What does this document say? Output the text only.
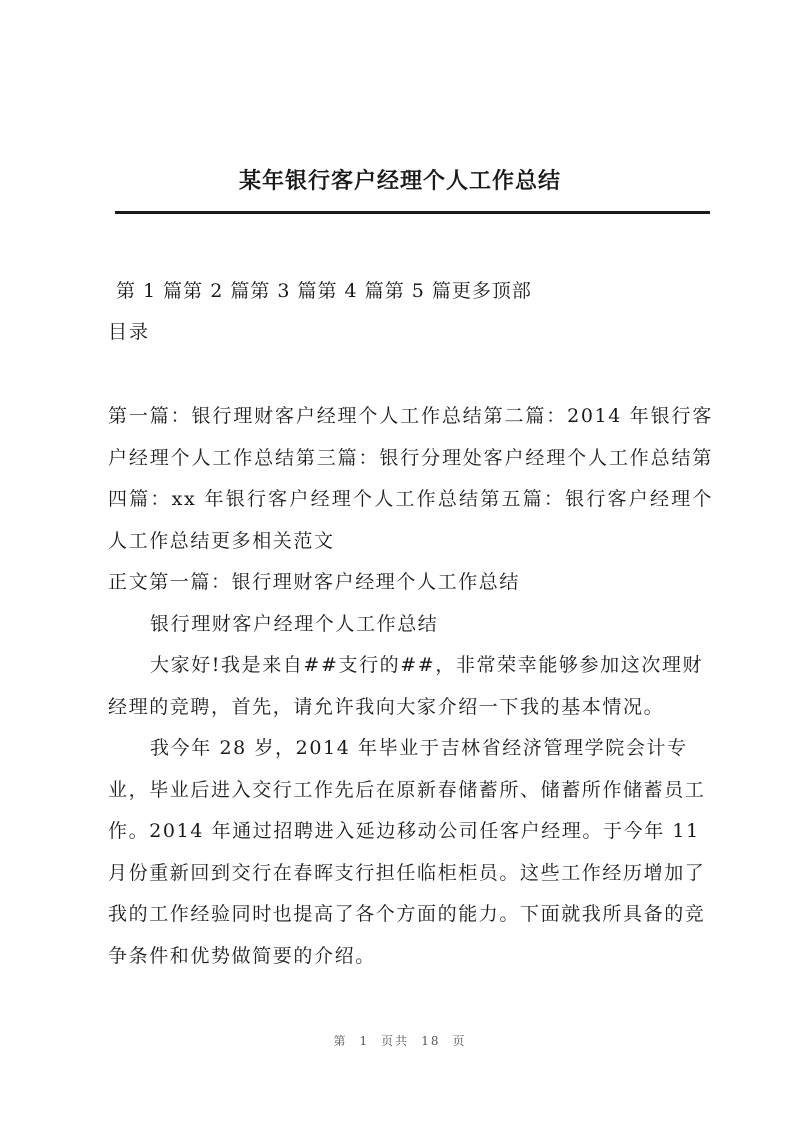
某年银行客户经理个人工作总结
第 1 篇第 2 篇第 3 篇第 4 篇第 5 篇更多顶部
目录

第一篇：银行理财客户经理个人工作总结第二篇：2014 年银行客户经理个人工作总结第三篇：银行分理处客户经理个人工作总结第四篇：xx 年银行客户经理个人工作总结第五篇：银行客户经理个人工作总结更多相关范文

正文第一篇：银行理财客户经理个人工作总结

银行理财客户经理个人工作总结

大家好!我是来自##支行的##，非常荣幸能够参加这次理财经理的竞聘，首先，请允许我向大家介绍一下我的基本情况。

我今年 28 岁，2014 年毕业于吉林省经济管理学院会计专业，毕业后进入交行工作先后在原新春储蓄所、储蓄所作储蓄员工作。2014 年通过招聘进入延边移动公司任客户经理。于今年 11 月份重新回到交行在春晖支行担任临柜柜员。这些工作经历增加了我的工作经验同时也提高了各个方面的能力。下面就我所具备的竞争条件和优势做简要的介绍。

第 1 页共 18 页
